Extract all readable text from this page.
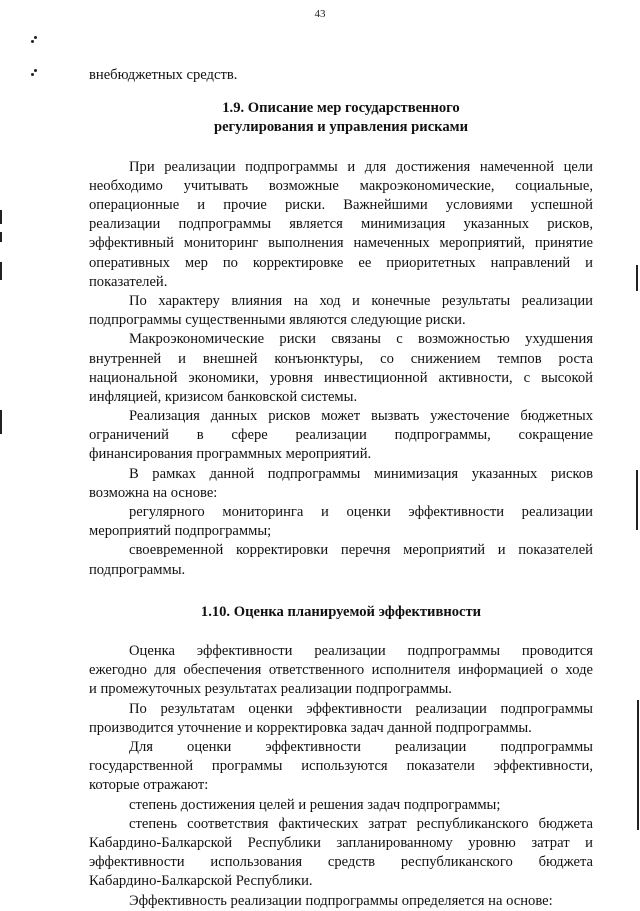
43
внебюджетных средств.
1.9. Описание мер государственного
регулирования и управления рисками
При реализации подпрограммы и для достижения намеченной цели
необходимо учитывать возможные макроэкономические, социальные,
операционные и прочие риски. Важнейшими условиями успешной
реализации подпрограммы является минимизация указанных рисков,
эффективный мониторинг выполнения намеченных мероприятий, принятие
оперативных мер по корректировке ее приоритетных направлений и
показателей.
По характеру влияния на ход и конечные результаты реализации
подпрограммы существенными являются следующие риски.
Макроэкономические риски связаны с возможностью ухудшения
внутренней и внешней конъюнктуры, со снижением темпов роста
национальной экономики, уровня инвестиционной активности, с высокой
инфляцией, кризисом банковской системы.
Реализация данных рисков может вызвать ужесточение бюджетных
ограничений в сфере реализации подпрограммы, сокращение
финансирования программных мероприятий.
В рамках данной подпрограммы минимизация указанных рисков
возможна на основе:
регулярного мониторинга и оценки эффективности реализации
мероприятий подпрограммы;
своевременной корректировки перечня мероприятий и показателей
подпрограммы.
1.10. Оценка планируемой эффективности
Оценка эффективности реализации подпрограммы проводится
ежегодно для обеспечения ответственного исполнителя информацией о ходе
и промежуточных результатах реализации подпрограммы.
По результатам оценки эффективности реализации подпрограммы
производится уточнение и корректировка задач данной подпрограммы.
Для оценки эффективности реализации подпрограммы
государственной программы используются показатели эффективности,
которые отражают:
степень достижения целей и решения задач подпрограммы;
степень соответствия фактических затрат республиканского бюджета
Кабардино-Балкарской Республики запланированному уровню затрат и
эффективности использования средств республиканского бюджета
Кабардино-Балкарской Республики.
Эффективность реализации подпрограммы определяется на основе:
